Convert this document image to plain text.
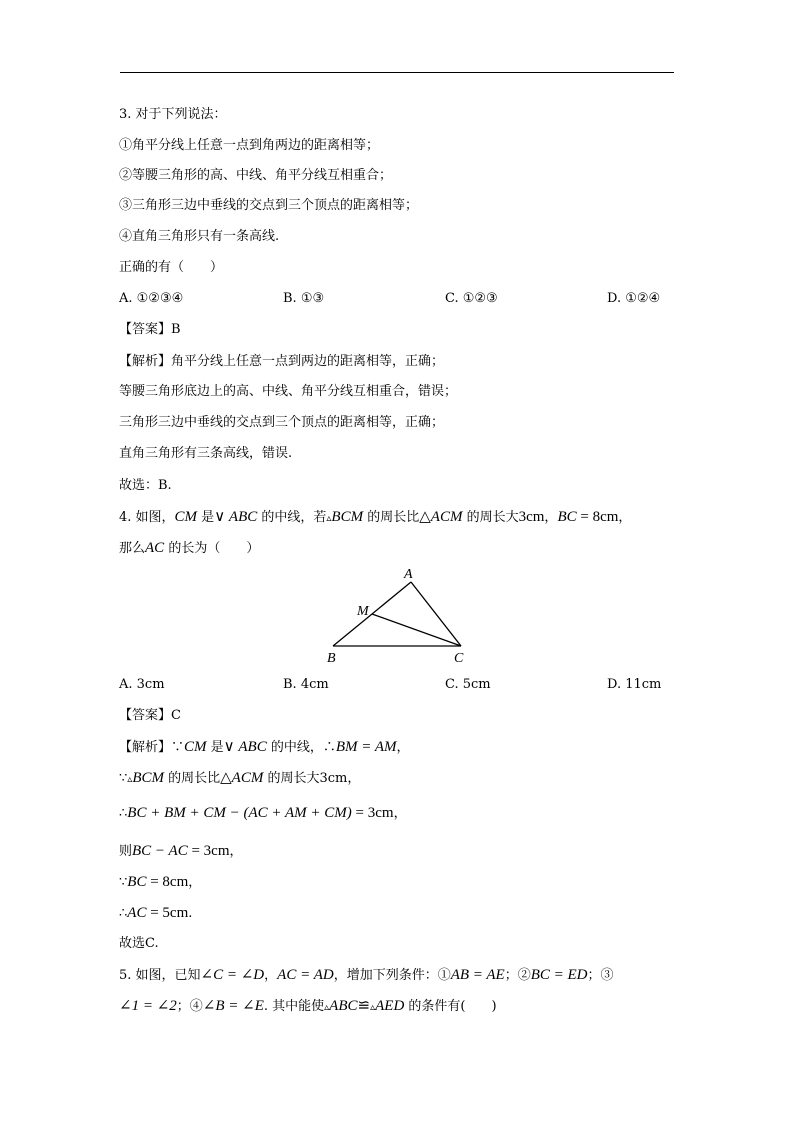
3. 对于下列说法：
①角平分线上任意一点到角两边的距离相等；
②等腰三角形的高、中线、角平分线互相重合；
③三角形三边中垂线的交点到三个顶点的距离相等；
④直角三角形只有一条高线.
正确的有（　　）
A. ①②③④	B. ①③	C. ①②③	D. ①②④
【答案】B
【解析】角平分线上任意一点到两边的距离相等，正确；
等腰三角形底边上的高、中线、角平分线互相重合，错误；
三角形三边中垂线的交点到三个顶点的距离相等，正确；
直角三角形有三条高线，错误.
故选：B.
4. 如图，CM 是∨ ABC 的中线，若▵BCM 的周长比△ACM 的周长大3cm，BC = 8cm，
那么AC 的长为（　　）
A
M
B	C
A. 3cm	B. 4cm	C. 5cm	D. 11cm
【答案】C
【解析】∵CM 是∨ ABC 的中线，∴BM = AM，
∵▵BCM 的周长比△ACM 的周长大3cm，
∴BC + BM + CM − (AC + AM + CM) = 3cm，
则BC − AC = 3cm，
∵BC = 8cm，
∴AC = 5cm.
故选C.
5. 如图，已知∠C = ∠D，AC = AD，增加下列条件：①AB = AE；②BC = ED；③
∠1 = ∠2；④∠B = ∠E. 其中能使▵ABC≌▵AED 的条件有(　　)
